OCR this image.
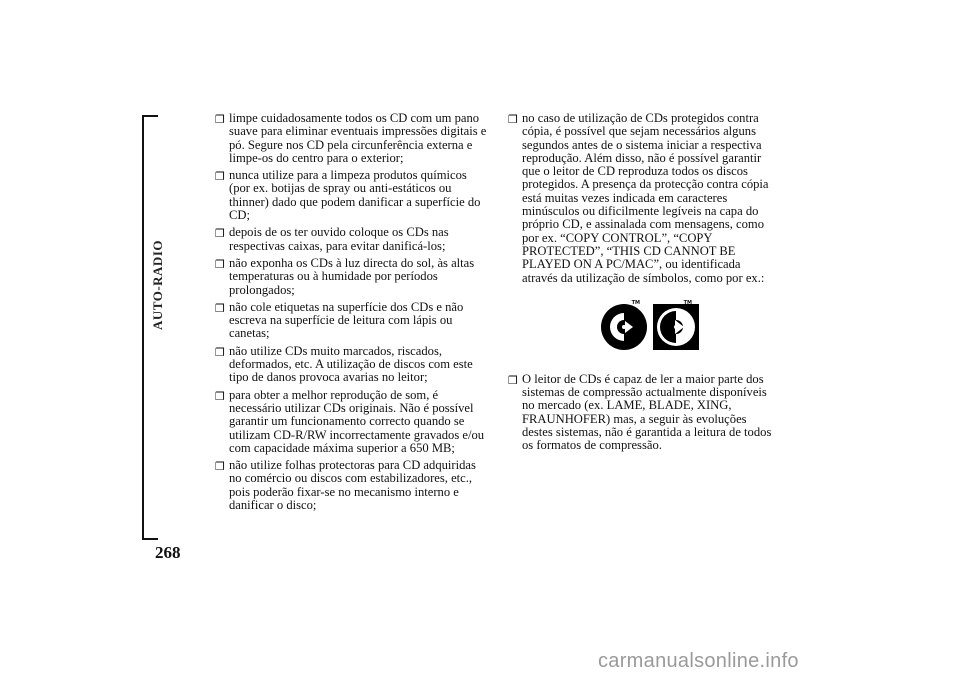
AUTO-RADIO
268
❒ limpe cuidadosamente todos os CD com um pano suave para eliminar eventuais impressões digitais e pó. Segure nos CD pela circunferência externa e limpe-os do centro para o exterior;
❒ nunca utilize para a limpeza produtos químicos (por ex. botijas de spray ou anti-estáticos ou thinner) dado que podem danificar a superfície do CD;
❒ depois de os ter ouvido coloque os CDs nas respectivas caixas, para evitar danificá-los;
❒ não exponha os CDs à luz directa do sol, às altas temperaturas ou à humidade por períodos prolongados;
❒ não cole etiquetas na superfície dos CDs e não escreva na superfície de leitura com lápis ou canetas;
❒ não utilize CDs muito marcados, riscados, deformados, etc. A utilização de discos com este tipo de danos provoca avarias no leitor;
❒ para obter a melhor reprodução de som, é necessário utilizar CDs originais. Não é possível garantir um funcionamento correcto quando se utilizam CD-R/RW incorrectamente gravados e/ou com capacidade máxima superior a 650 MB;
❒ não utilize folhas protectoras para CD adquiridas no comércio ou discos com estabilizadores, etc., pois poderão fixar-se no mecanismo interno e danificar o disco;
❒ no caso de utilização de CDs protegidos contra cópia, é possível que sejam necessários alguns segundos antes de o sistema iniciar a respectiva reprodução. Além disso, não é possível garantir que o leitor de CD reproduza todos os discos protegidos. A presença da protecção contra cópia está muitas vezes indicada em caracteres minúsculos ou dificilmente legíveis na capa do próprio CD, e assinalada com mensagens, como por ex. “COPY CONTROL”, “COPY PROTECTED”, “THIS CD CANNOT BE PLAYED ON A PC/MAC”, ou identificada através da utilização de símbolos, como por ex.:
TM	TM
❒ O leitor de CDs é capaz de ler a maior parte dos sistemas de compressão actualmente disponíveis no mercado (ex. LAME, BLADE, XING, FRAUNHOFER) mas, a seguir às evoluções destes sistemas, não é garantida a leitura de todos os formatos de compressão.
carmanualsonline.info
